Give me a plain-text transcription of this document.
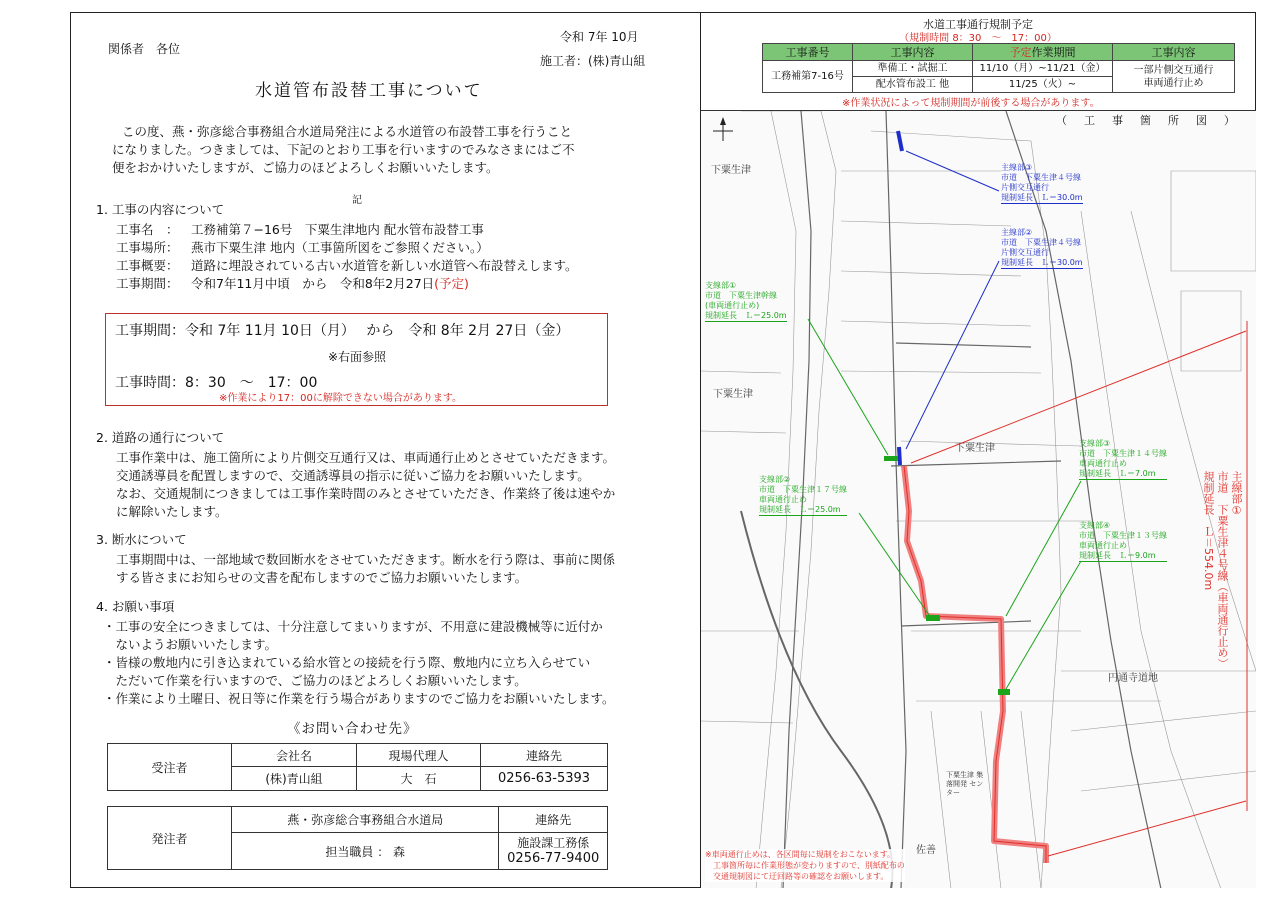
令和 7年 10月
関係者　各位
施工者：(株)青山組
水道管布設替工事について
この度、燕・弥彦総合事務組合水道局発注による水道管の布設替工事を行うこと
になりました。つきましては、下記のとおり工事を行いますのでみなさまにはご不
便をおかけいたしますが、ご協力のほどよろしくお願いいたします。
記
1. 工事の内容について
工事名　： 工務補第７−16号　下粟生津地内 配水管布設替工事
工事場所： 燕市下粟生津 地内（工事箇所図をご参照ください。）
工事概要： 道路に埋設されている古い水道管を新しい水道管へ布設替えします。
工事期間： 令和7年11月中頃　から　令和8年2月27日(予定)
工事期間：令和 7年 11月 10日（月）　 から　令和 8年 2月 27日（金）
※右面参照
工事時間：8：30　～　17：00
※作業により17：00に解除できない場合があります。
2. 道路の通行について
工事作業中は、施工箇所により片側交互通行又は、車両通行止めとさせていただきます。
交通誘導員を配置しますので、交通誘導員の指示に従いご協力をお願いいたします。
なお、交通規制につきましては工事作業時間のみとさせていただき、作業終了後は速やか
に解除いたします。
3. 断水について
工事期間中は、一部地域で数回断水をさせていただきます。断水を行う際は、事前に関係
する皆さまにお知らせの文書を配布しますのでご協力お願いいたします。
4. お願い事項
・工事の安全につきましては、十分注意してまいりますが、不用意に建設機械等に近付か
　ないようお願いいたします。
・皆様の敷地内に引き込まれている給水管との接続を行う際、敷地内に立ち入らせてい
　ただいて作業を行いますので、ご協力のほどよろしくお願いいたします。
・作業により土曜日、祝日等に作業を行う場合がありますのでご協力をお願いいたします。
《お問い合わせ先》
受注者	会社名	現場代理人	連絡先
	(株)青山組	大　石	0256-63-5393
発注者	燕・弥彦総合事務組合水道局	連絡先
	担当職員 ： 森	施設課工務係
0256-77-9400
水道工事通行規制予定
（規制時間 8：30　～　17：00）
工事番号	工事内容	予定作業期間	工事内容
工務補第7-16号	準備工・試掘工	11/10（月）~11/21（金）	一部片側交互通行
車両通行止め

	配水管布設工 他	11/25（火）~	
※作業状況によって規制期間が前後する場合があります。
（　工　事　箇　所　図　）
下粟生津
下粟生津
下粟生津
佐善
円通寺道地
下粟生津 集落開発 センター
主線部③
市道　下粟生津４号線
片側交互通行
規制延長　Ｌ＝30.0m
主線部②
市道　下粟生津４号線
片側交互通行
規制延長　Ｌ＝30.0m
支線部①
市道　下粟生津幹線
(車両通行止め)
規制延長　Ｌ＝25.0m
支線部③
市道　下粟生津１４号線
車両通行止め
規制延長　Ｌ＝7.0m
支線部②
市道　下粟生津１７号線
車両通行止め
規制延長　Ｌ＝25.0m
支線部④
市道　下粟生津１３号線
車両通行止め
規制延長　Ｌ＝9.0m
主線部①
市道　下粟生津４号線（車両通行止め）
規制延長　Ｌ＝554.0m
※車両通行止めは、各区間毎に規制をおこないます。
　工事箇所毎に作業形態が変わりますので、別紙配布の
　交通規制図にて迂回路等の確認をお願いします。
